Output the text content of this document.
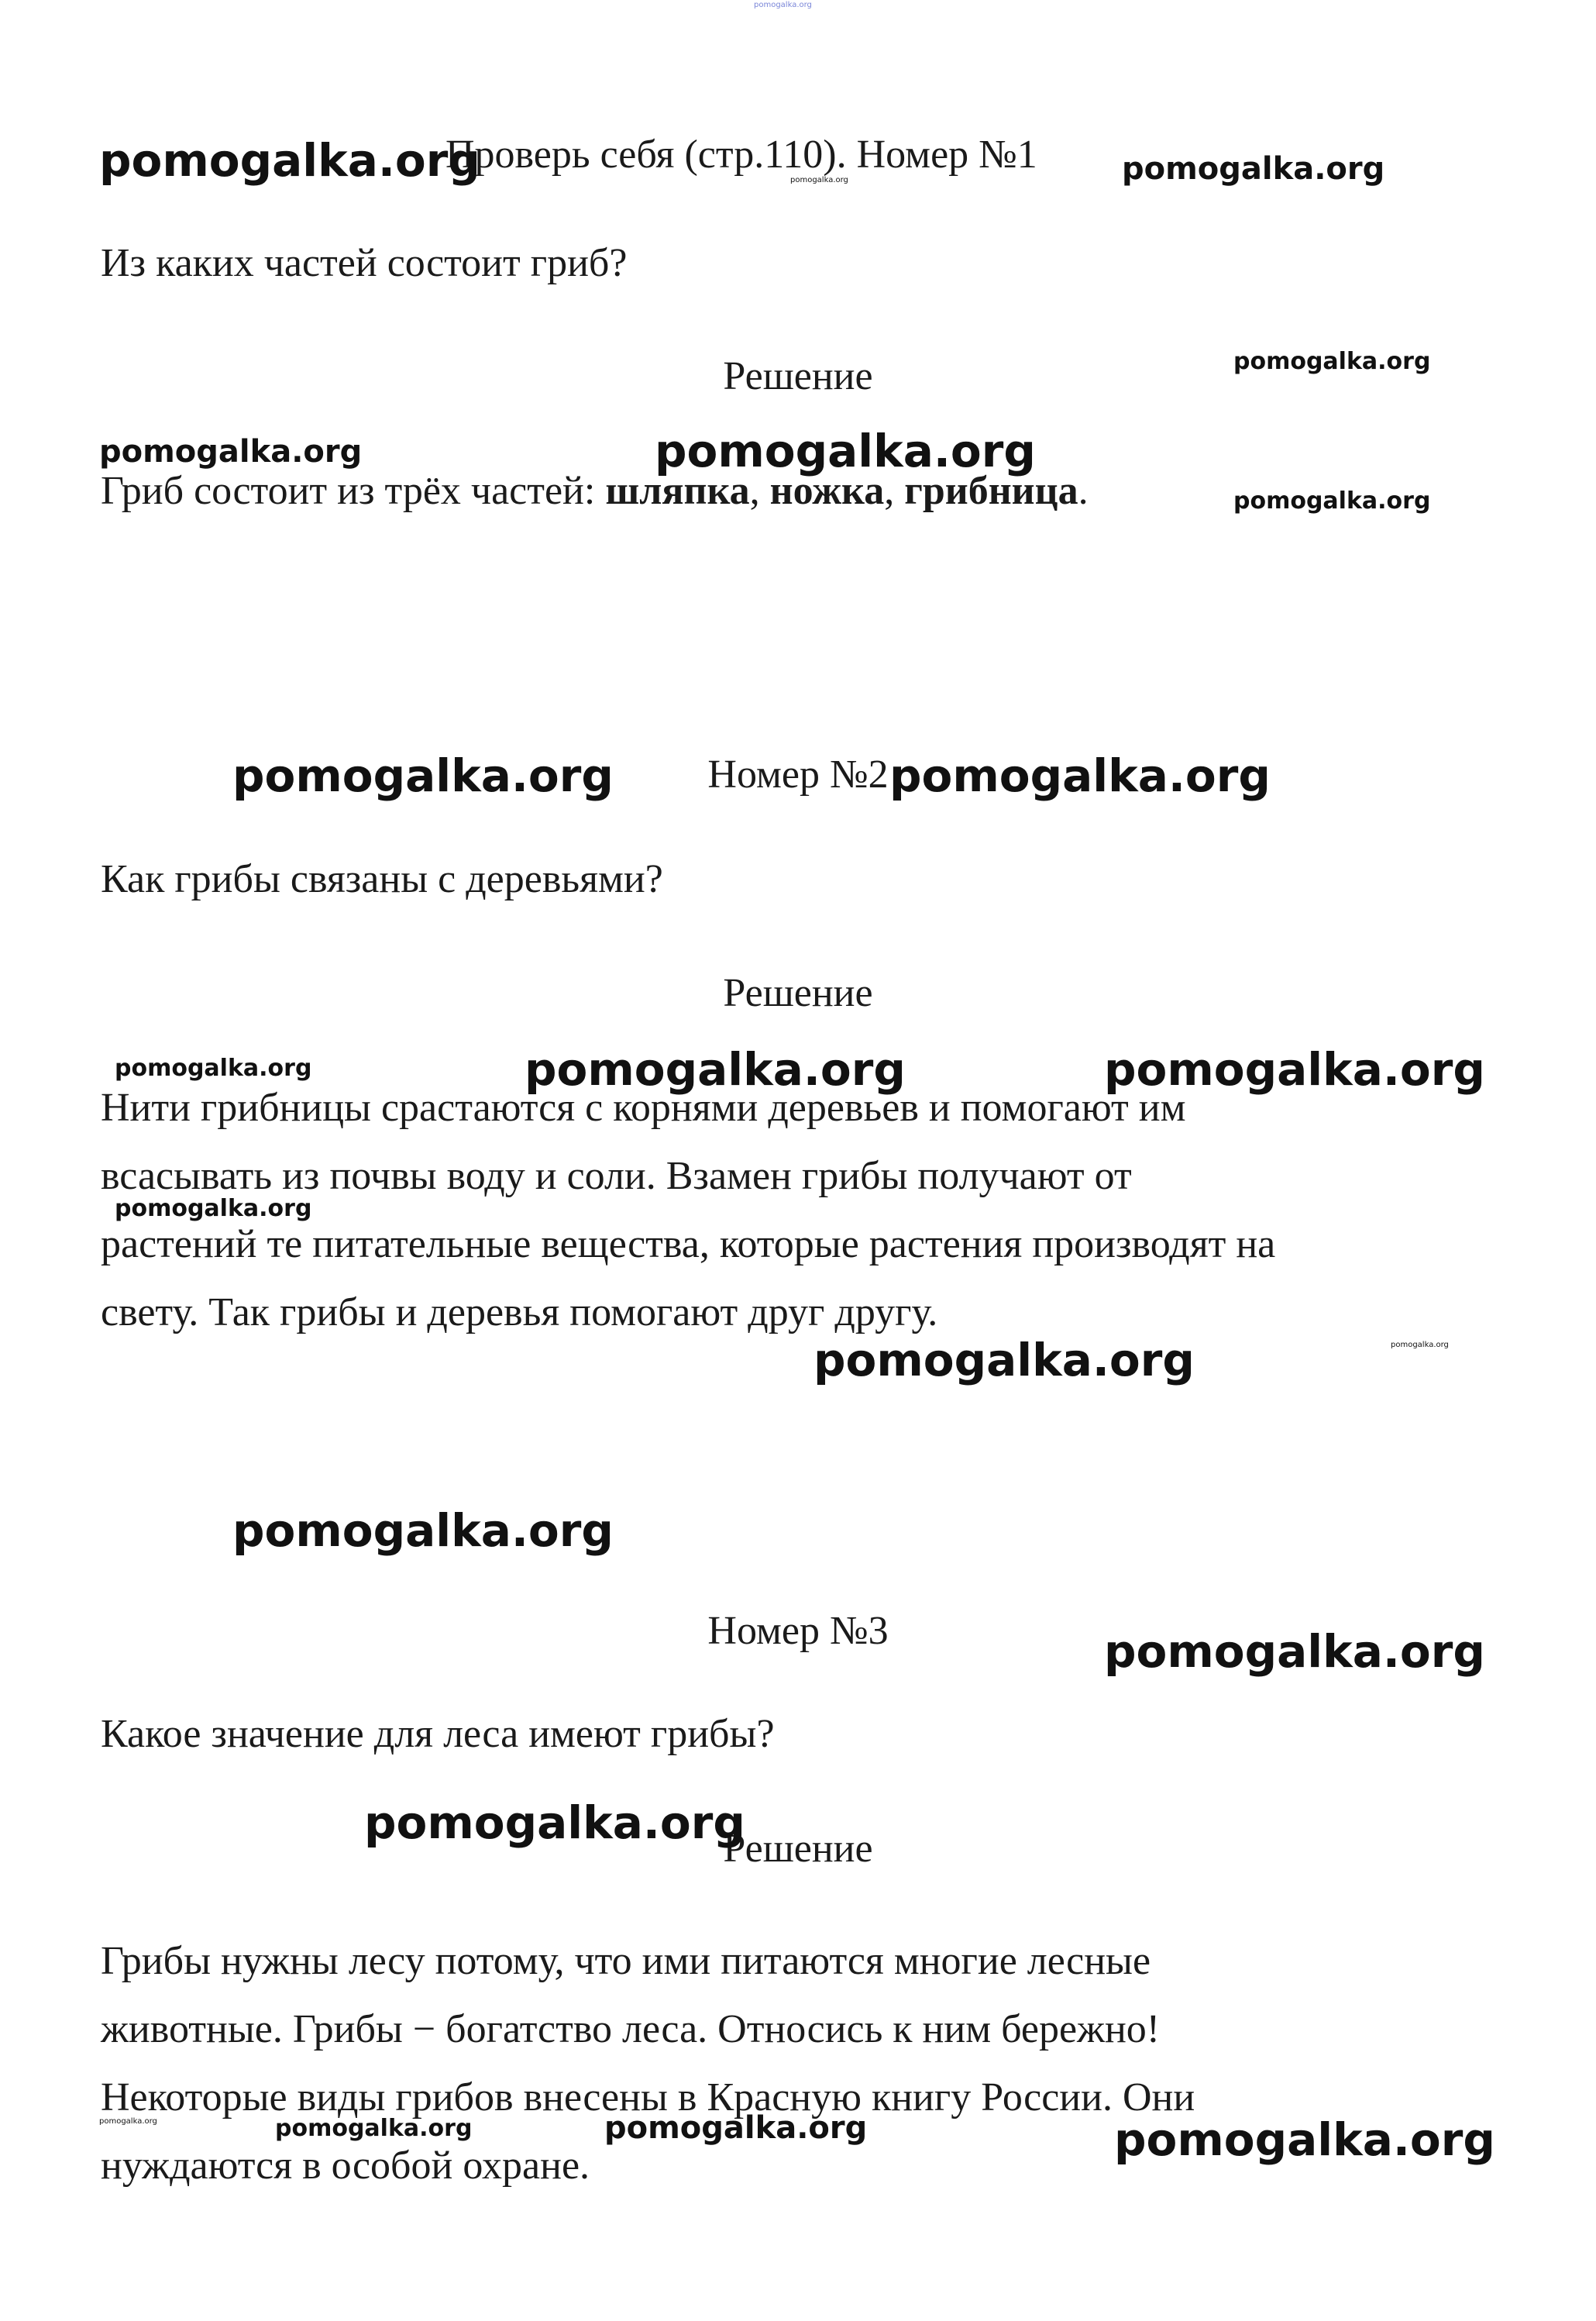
Проверь себя (стр.110). Номер №1
Из каких частей состоит гриб?
Решение
Гриб состоит из трёх частей: шляпка, ножка, грибница.
Номер №2
Как грибы связаны с деревьями?
Решение
Нити грибницы срастаются с корнями деревьев и помогают им
всасывать из почвы воду и соли. Взамен грибы получают от
растений те питательные вещества, которые растения производят на
свету. Так грибы и деревья помогают друг другу.
Номер №3
Какое значение для леса имеют грибы?
Решение
Грибы нужны лесу потому, что ими питаются многие лесные
животные. Грибы − богатство леса. Относись к ним бережно!
Некоторые виды грибов внесены в Красную книгу России. Они
нуждаются в особой охране.
pomogalka.org
pomogalka.org	pomogalka.org	pomogalka.org
pomogalka.org
pomogalka.org	pomogalka.org
pomogalka.org
pomogalka.org	pomogalka.org
pomogalka.org	pomogalka.org	pomogalka.org
pomogalka.org
pomogalka.org
pomogalka.org
pomogalka.org
pomogalka.org
pomogalka.org
pomogalka.org	pomogalka.org	pomogalka.org	pomogalka.org
